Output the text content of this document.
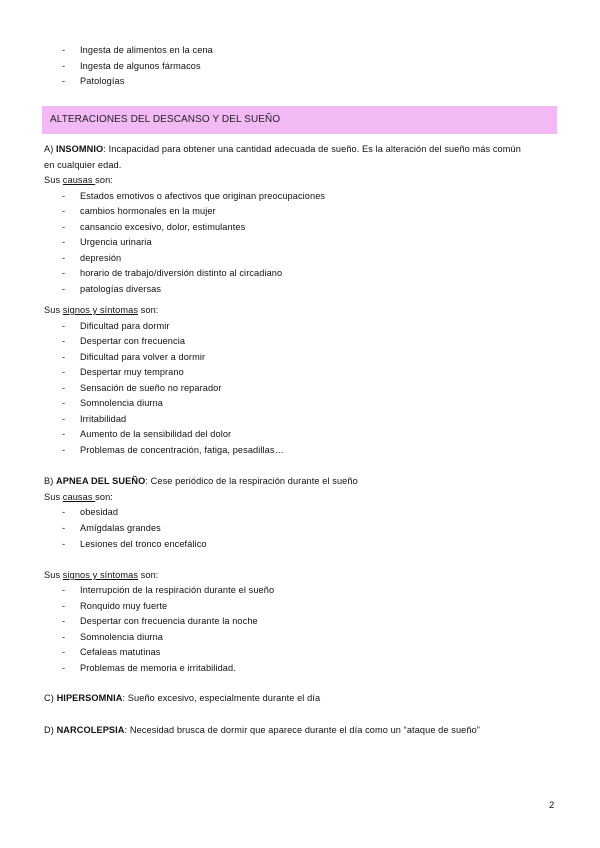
- Ingesta de alimentos en la cena
- Ingesta de algunos fármacos
- Patologías
ALTERACIONES DEL DESCANSO Y DEL SUEÑO
A) INSOMNIO: Incapacidad para obtener una cantidad adecuada de sueño. Es la alteración del sueño más común
en cualquier edad.
Sus causas son:
- Estados emotivos o afectivos que originan preocupaciones
- cambios hormonales en la mujer
- cansancio excesivo, dolor, estimulantes
- Urgencia urinaria
- depresión
- horario de trabajo/diversión distinto al circadiano
- patologías diversas
Sus signos y síntomas son:
- Dificultad para dormir
- Despertar con frecuencia
- Dificultad para volver a dormir
- Despertar muy temprano
- Sensación de sueño no reparador
- Somnolencia diurna
- Irritabilidad
- Aumento de la sensibilidad del dolor
- Problemas de concentración, fatiga, pesadillas…
B) APNEA DEL SUEÑO: Cese periódico de la respiración durante el sueño
Sus causas son:
- obesidad
- Amígdalas grandes
- Lesiones del tronco encefálico
Sus signos y síntomas son:
- Interrupción de la respiración durante el sueño
- Ronquido muy fuerte
- Despertar con frecuencia durante la noche
- Somnolencia diurna
- Cefaleas matutinas
- Problemas de memoria e irritabilidad.
C) HIPERSOMNIA: Sueño excesivo, especialmente durante el día
D) NARCOLEPSIA: Necesidad brusca de dormir que aparece durante el día como un “ataque de sueño”
2
